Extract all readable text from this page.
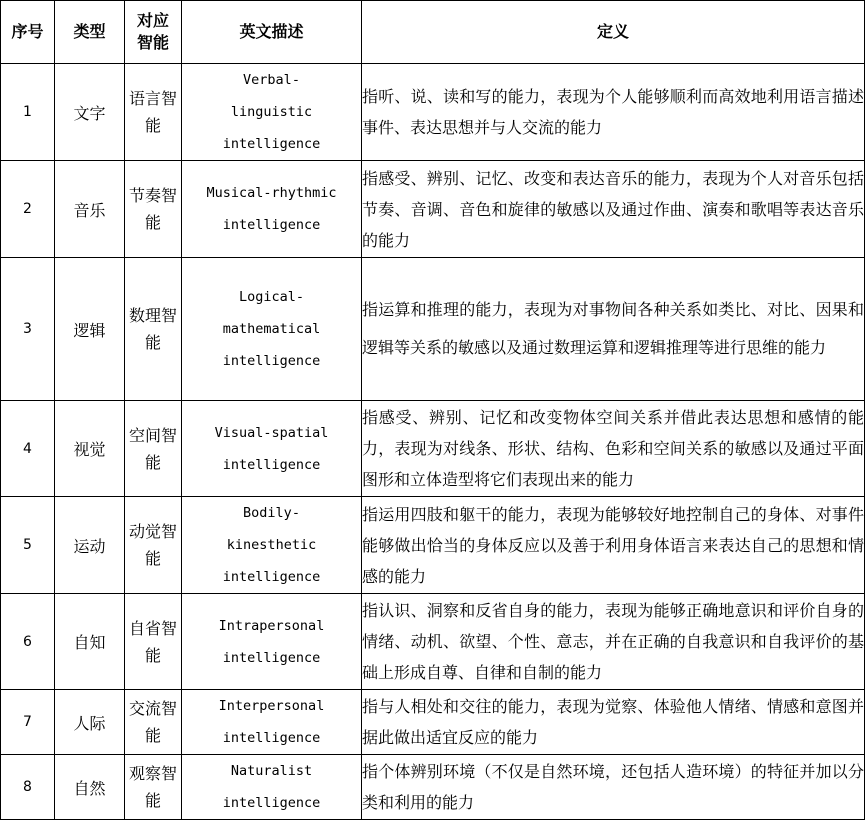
序号	类型	对应智能	英文描述	定义
1	文字	语言智能	Verbal-
linguistic
intelligence	指听、说、读和写的能力，表现为个人能够顺利而高效地利用语言描述事件、表达思想并与人交流的能力
2	音乐	节奏智能	Musical-rhythmic
intelligence	指感受、辨别、记忆、改变和表达音乐的能力，表现为个人对音乐包括节奏、音调、音色和旋律的敏感以及通过作曲、演奏和歌唱等表达音乐的能力
3	逻辑	数理智能	Logical-
mathematical
intelligence	指运算和推理的能力，表现为对事物间各种关系如类比、对比、因果和逻辑等关系的敏感以及通过数理运算和逻辑推理等进行思维的能力
4	视觉	空间智能	Visual-spatial
intelligence	指感受、辨别、记忆和改变物体空间关系并借此表达思想和感情的能力，表现为对线条、形状、结构、色彩和空间关系的敏感以及通过平面图形和立体造型将它们表现出来的能力
5	运动	动觉智能	Bodily-
kinesthetic
intelligence	指运用四肢和躯干的能力，表现为能够较好地控制自己的身体、对事件能够做出恰当的身体反应以及善于利用身体语言来表达自己的思想和情感的能力
6	自知	自省智能	Intrapersonal
intelligence	指认识、洞察和反省自身的能力，表现为能够正确地意识和评价自身的情绪、动机、欲望、个性、意志，并在正确的自我意识和自我评价的基础上形成自尊、自律和自制的能力
7	人际	交流智能	Interpersonal
intelligence	指与人相处和交往的能力，表现为觉察、体验他人情绪、情感和意图并据此做出适宜反应的能力
8	自然	观察智能	Naturalist
intelligence	指个体辨别环境（不仅是自然环境，还包括人造环境）的特征并加以分类和利用的能力
